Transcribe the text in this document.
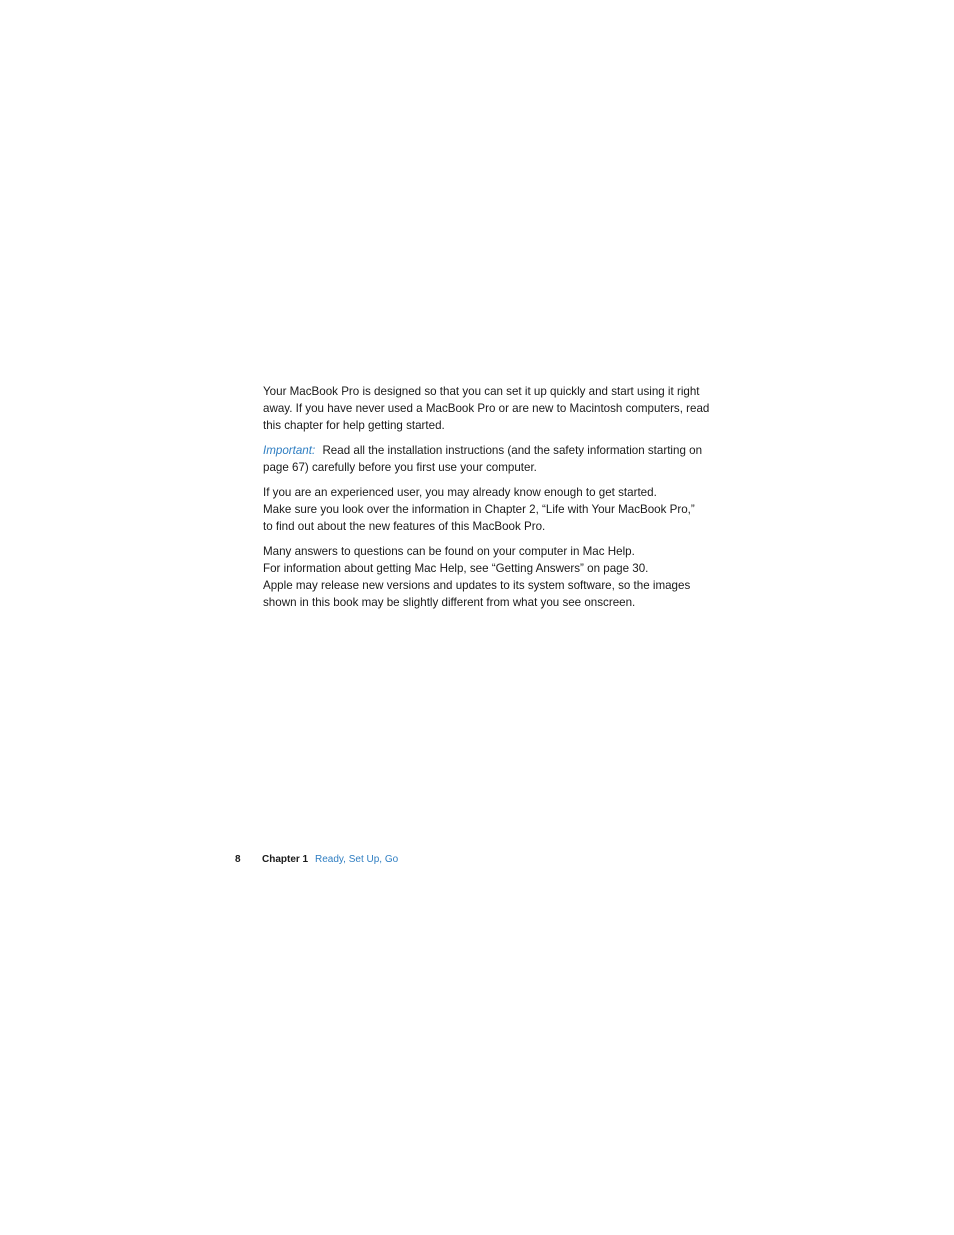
Your MacBook Pro is designed so that you can set it up quickly and start using it right
away. If you have never used a MacBook Pro or are new to Macintosh computers, read
this chapter for help getting started.

Important: Read all the installation instructions (and the safety information starting on
page 67) carefully before you first use your computer.

If you are an experienced user, you may already know enough to get started.
Make sure you look over the information in Chapter 2, “Life with Your MacBook Pro,”
to find out about the new features of this MacBook Pro.

Many answers to questions can be found on your computer in Mac Help.
For information about getting Mac Help, see “Getting Answers” on page 30.
Apple may release new versions and updates to its system software, so the images
shown in this book may be slightly different from what you see onscreen.

8 Chapter 1 Ready, Set Up, Go
